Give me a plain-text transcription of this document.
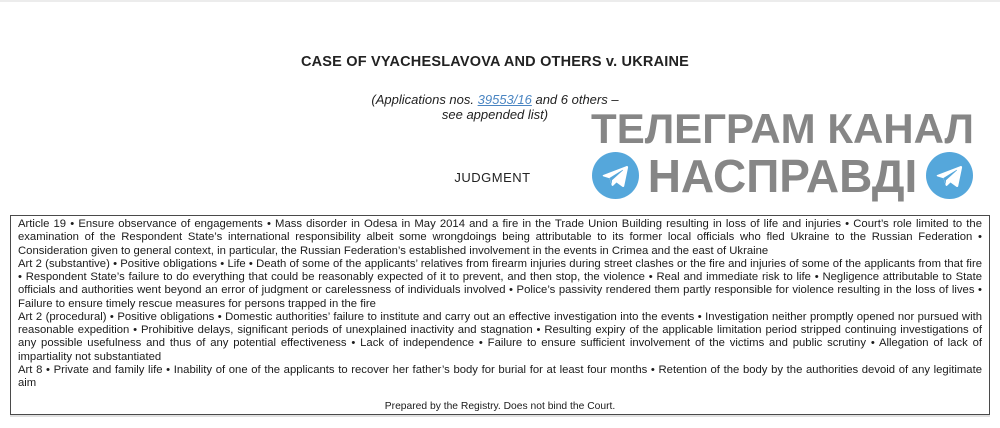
CASE OF VYACHESLAVOVA AND OTHERS v. UKRAINE
(Applications nos. 39553/16 and 6 others –
see appended list)	ТЕЛЕГРАМ КАНАЛ
НАСПРАВДІ
JUDGMENT

Article 19 • Ensure observance of engagements • Mass disorder in Odesa in May 2014 and a fire in the Trade Union Building resulting in loss of life and injuries • Court’s role limited to the examination of the Respondent State’s international responsibility albeit some wrongdoings being attributable to its former local officials who fled Ukraine to the Russian Federation • Consideration given to general context, in particular, the Russian Federation’s established involvement in the events in Crimea and the east of Ukraine

Art 2 (substantive) • Positive obligations • Life • Death of some of the applicants’ relatives from firearm injuries during street clashes or the fire and injuries of some of the applicants from that fire • Respondent State’s failure to do everything that could be reasonably expected of it to prevent, and then stop, the violence • Real and immediate risk to life • Negligence attributable to State officials and authorities went beyond an error of judgment or carelessness of individuals involved • Police’s passivity rendered them partly responsible for violence resulting in the loss of lives • Failure to ensure timely rescue measures for persons trapped in the fire

Art 2 (procedural) • Positive obligations • Domestic authorities’ failure to institute and carry out an effective investigation into the events • Investigation neither promptly opened nor pursued with reasonable expedition • Prohibitive delays, significant periods of unexplained inactivity and stagnation • Resulting expiry of the applicable limitation period stripped continuing investigations of any possible usefulness and thus of any potential effectiveness • Lack of independence • Failure to ensure sufficient involvement of the victims and public scrutiny • Allegation of lack of impartiality not substantiated

Art 8 • Private and family life • Inability of one of the applicants to recover her father’s body for burial for at least four months • Retention of the body by the authorities devoid of any legitimate aim

Prepared by the Registry. Does not bind the Court.
